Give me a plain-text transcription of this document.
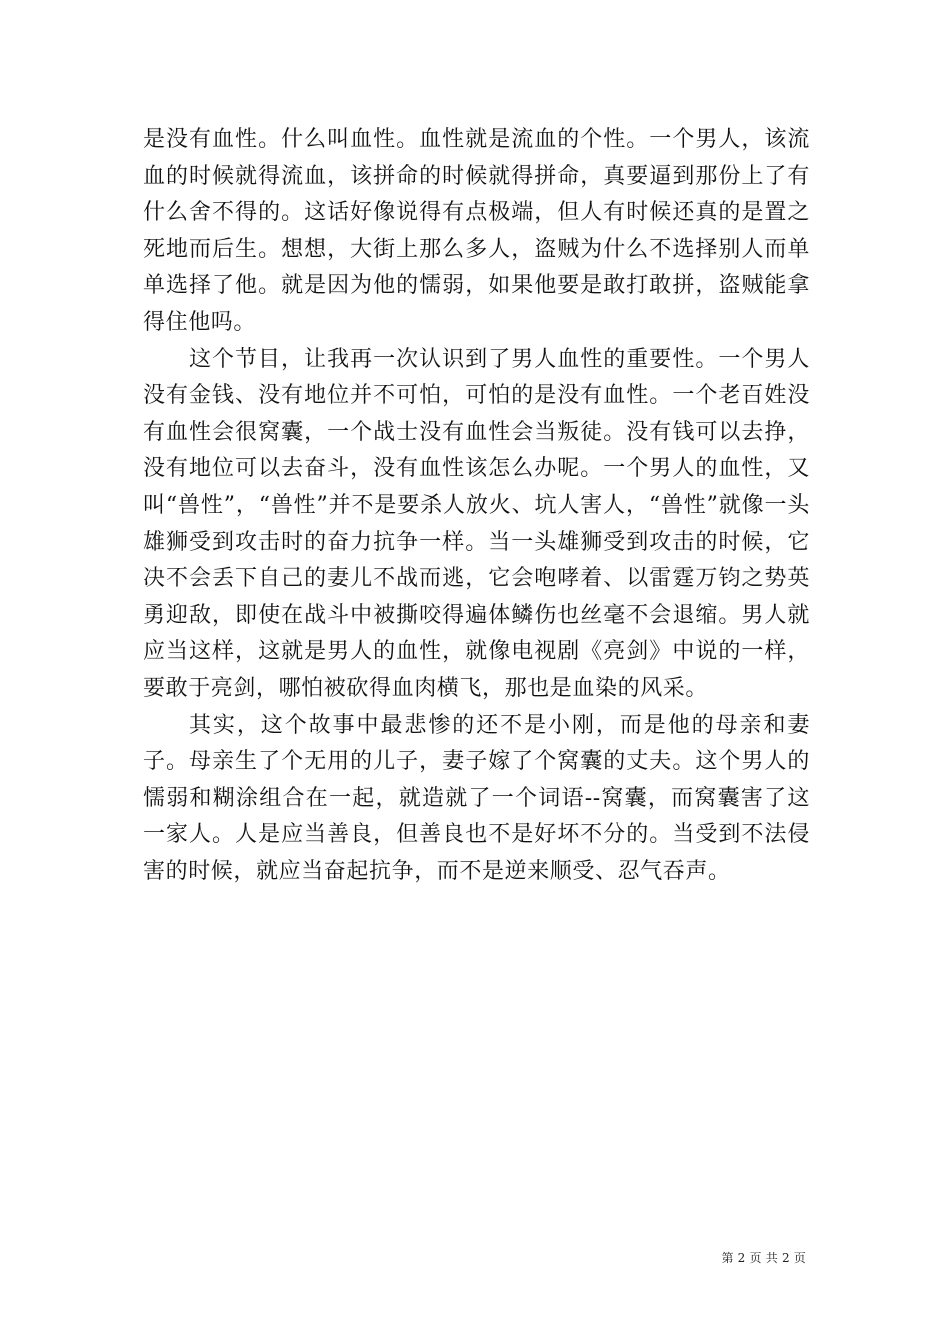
是没有血性。什么叫血性。血性就是流血的个性。一个男人，该流血的时候就得流血，该拼命的时候就得拼命，真要逼到那份上了有什么舍不得的。这话好像说得有点极端，但人有时候还真的是置之死地而后生。想想，大街上那么多人，盗贼为什么不选择别人而单单选择了他。就是因为他的懦弱，如果他要是敢打敢拼，盗贼能拿得住他吗。

这个节目，让我再一次认识到了男人血性的重要性。一个男人没有金钱、没有地位并不可怕，可怕的是没有血性。一个老百姓没有血性会很窝囊，一个战士没有血性会当叛徒。没有钱可以去挣，没有地位可以去奋斗，没有血性该怎么办呢。一个男人的血性，又叫“兽性”，“兽性”并不是要杀人放火、坑人害人，“兽性”就像一头雄狮受到攻击时的奋力抗争一样。当一头雄狮受到攻击的时候，它决不会丢下自己的妻儿不战而逃，它会咆哮着、以雷霆万钧之势英勇迎敌，即使在战斗中被撕咬得遍体鳞伤也丝毫不会退缩。男人就应当这样，这就是男人的血性，就像电视剧《亮剑》中说的一样，要敢于亮剑，哪怕被砍得血肉横飞，那也是血染的风采。

其实，这个故事中最悲惨的还不是小刚，而是他的母亲和妻子。母亲生了个无用的儿子，妻子嫁了个窝囊的丈夫。这个男人的懦弱和糊涂组合在一起，就造就了一个词语--窝囊，而窝囊害了这一家人。人是应当善良，但善良也不是好坏不分的。当受到不法侵害的时候，就应当奋起抗争，而不是逆来顺受、忍气吞声。

第 2 页 共 2 页
